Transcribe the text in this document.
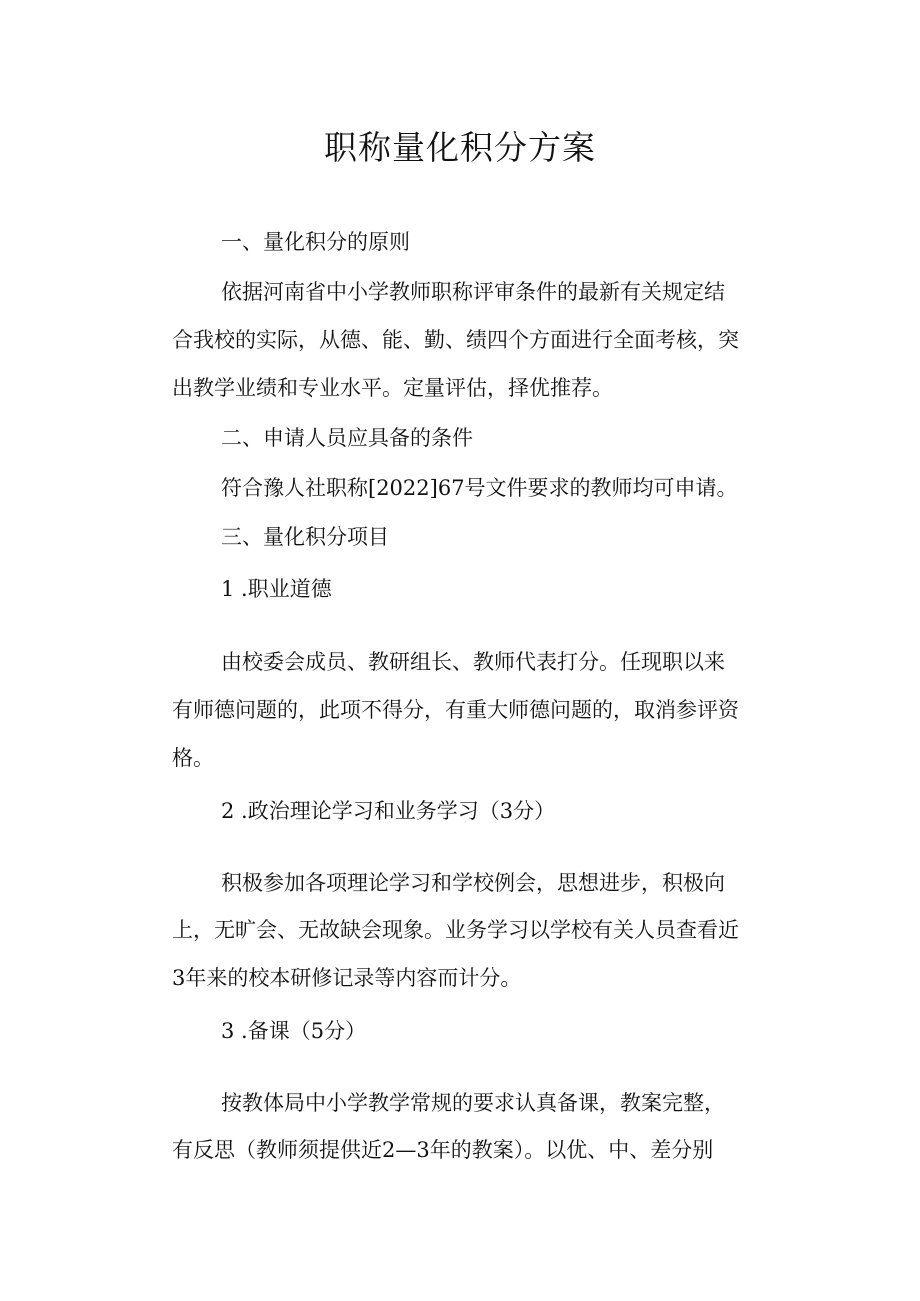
职称量化积分方案

一、量化积分的原则

依据河南省中小学教师职称评审条件的最新有关规定结

合我校的实际，从德、能、勤、绩四个方面进行全面考核，突

出教学业绩和专业水平。定量评估，择优推荐。

二、申请人员应具备的条件

符合豫人社职称[2022]67号文件要求的教师均可申请。

三、量化积分项目

1 .职业道德

由校委会成员、教研组长、教师代表打分。任现职以来

有师德问题的，此项不得分，有重大师德问题的，取消参评资

格。

2 .政治理论学习和业务学习（3分）

积极参加各项理论学习和学校例会，思想进步，积极向

上，无旷会、无故缺会现象。业务学习以学校有关人员查看近

3年来的校本研修记录等内容而计分。

3 .备课（5分）

按教体局中小学教学常规的要求认真备课，教案完整，

有反思（教师须提供近2—3年的教案）。以优、中、差分别
